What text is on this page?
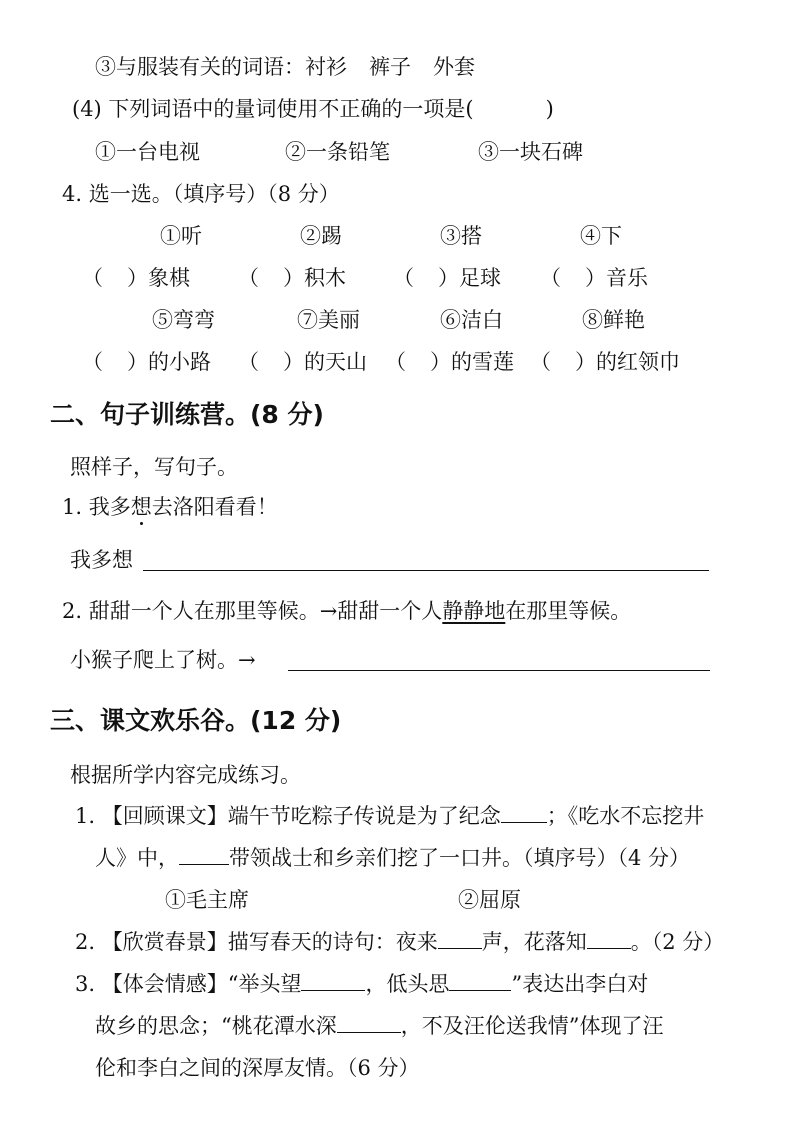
③与服装有关的词语：衬衫 裤子 外套
(4) 下列词语中的量词使用不正确的一项是(	)
①一台电视	②一条铅笔	③一块石碑
4. 选一选。（填序号）（8 分）
①听	②踢	③搭	④下
（ ）象棋 （ ）积木 （ ）足球 （ ）音乐
⑤弯弯	⑦美丽	⑥洁白	⑧鲜艳
（ ）的小路 （ ）的天山 （ ）的雪莲 （ ）的红领巾
二、句子训练营。(8 分)
照样子，写句子。
1. 我多想去洛阳看看！
我多想
2. 甜甜一个人在那里等候。→甜甜一个人静静地在那里等候。
小猴子爬上了树。→
三、课文欢乐谷。(12 分)
根据所学内容完成练习。
1. 【回顾课文】端午节吃粽子传说是为了纪念 ；《吃水不忘挖井
人》中， 带领战士和乡亲们挖了一口井。（填序号）（4 分）
①毛主席	②屈原
2. 【欣赏春景】描写春天的诗句：夜来 声，花落知 。（2 分）
3. 【体会情感】“举头望	，低头思	”表达出李白对
故乡的思念；“桃花潭水深	，不及汪伦送我情”体现了汪
伦和李白之间的深厚友情。（6 分）
